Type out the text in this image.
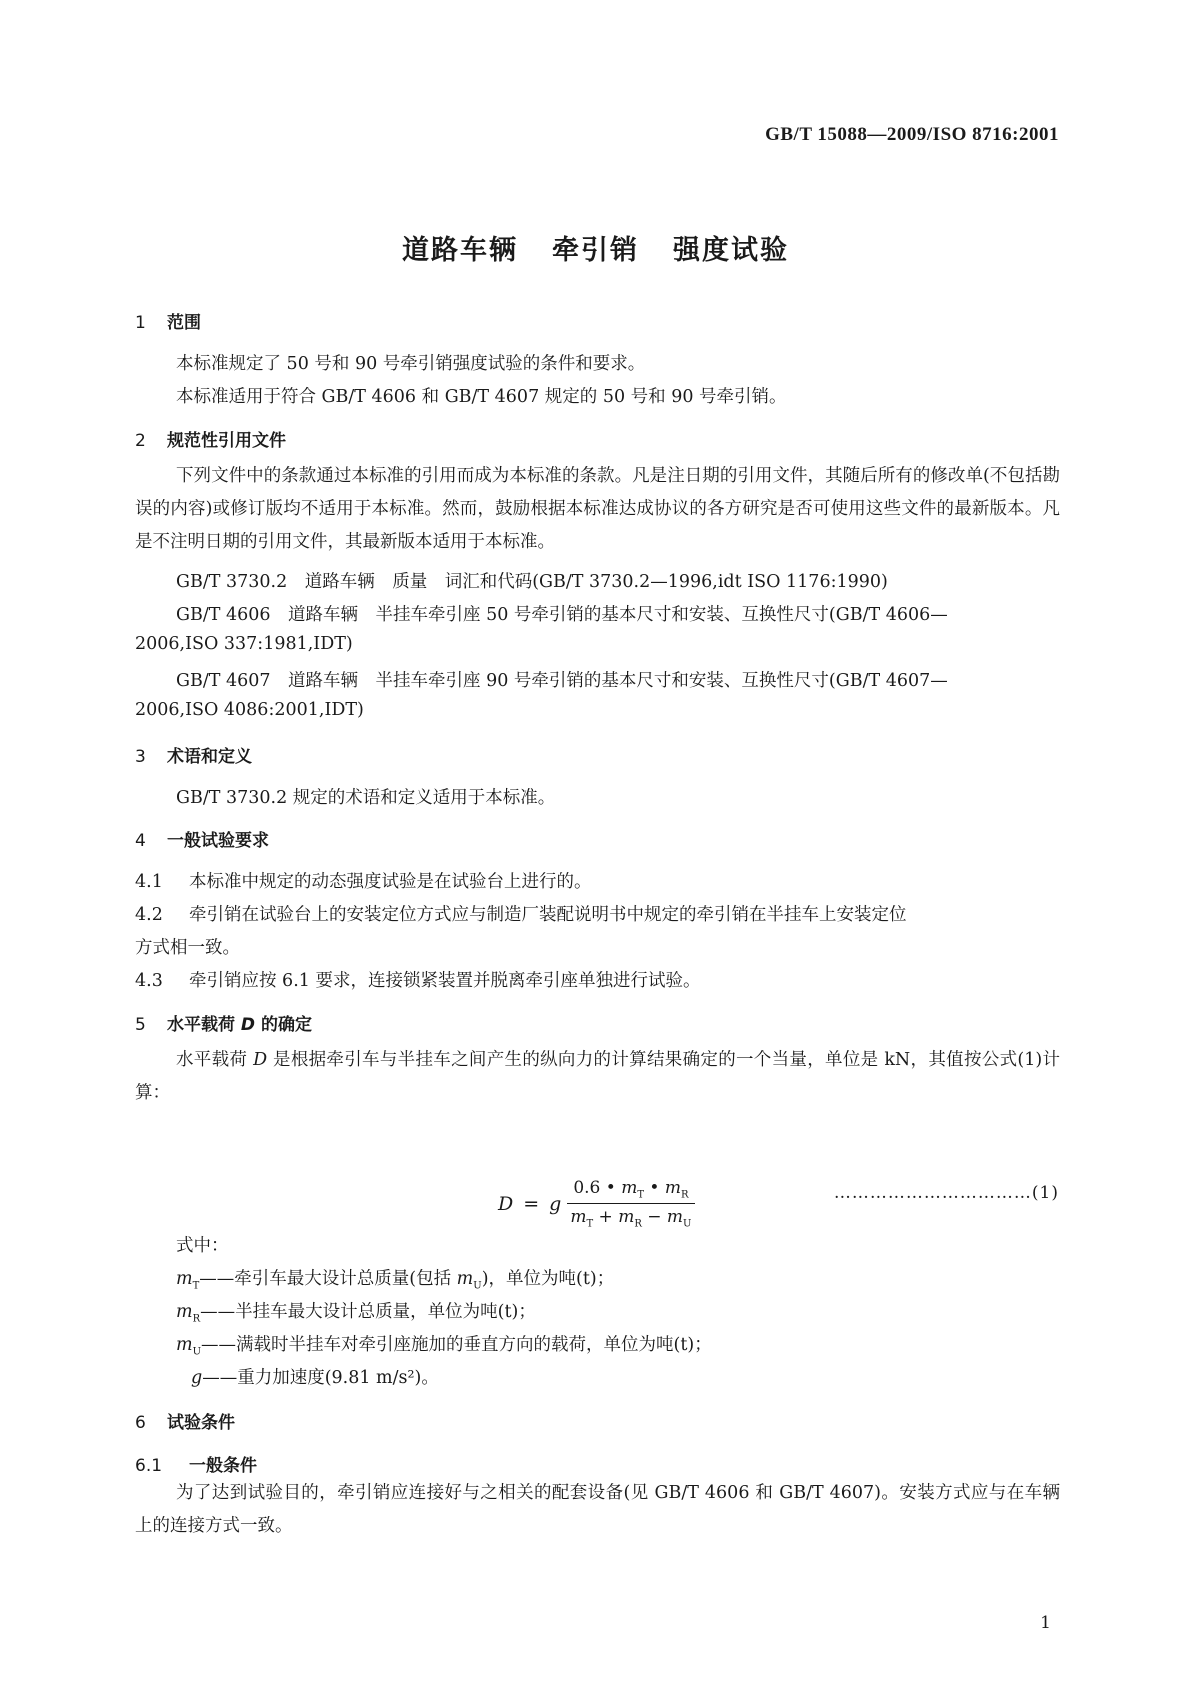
GB/T 15088—2009/ISO 8716:2001
道路车辆 牵引销 强度试验
1 范围
本标准规定了 50 号和 90 号牵引销强度试验的条件和要求。
本标准适用于符合 GB/T 4606 和 GB/T 4607 规定的 50 号和 90 号牵引销。
2 规范性引用文件
下列文件中的条款通过本标准的引用而成为本标准的条款。凡是注日期的引用文件，其随后所有的修改单(不包括勘误的内容)或修订版均不适用于本标准。然而，鼓励根据本标准达成协议的各方研究是否可使用这些文件的最新版本。凡是不注明日期的引用文件，其最新版本适用于本标准。
GB/T 3730.2　道路车辆　质量　词汇和代码(GB/T 3730.2—1996,idt ISO 1176:1990)
GB/T 4606　道路车辆　半挂车牵引座 50 号牵引销的基本尺寸和安装、互换性尺寸(GB/T 4606—
2006,ISO 337:1981,IDT)
GB/T 4607　道路车辆　半挂车牵引座 90 号牵引销的基本尺寸和安装、互换性尺寸(GB/T 4607—
2006,ISO 4086:2001,IDT)
3 术语和定义
GB/T 3730.2 规定的术语和定义适用于本标准。
4 一般试验要求
4.1 本标准中规定的动态强度试验是在试验台上进行的。
4.2 牵引销在试验台上的安装定位方式应与制造厂装配说明书中规定的牵引销在半挂车上安装定位
方式相一致。
4.3 牵引销应按 6.1 要求，连接锁紧装置并脱离牵引座单独进行试验。
5 水平载荷 D 的确定
水平载荷 D 是根据牵引车与半挂车之间产生的纵向力的计算结果确定的一个当量，单位是 kN，其值按公式(1)计算：
D = g $\frac{0.6 • m_T • m_R}{m_T + m_R - m_U}$	……………………………(1)
式中：
$m_T——$牵引车最大设计总质量(包括 $m_U$)，单位为吨(t)；
$m_R——$半挂车最大设计总质量，单位为吨(t)；
$m_U——$满载时半挂车对牵引座施加的垂直方向的载荷，单位为吨(t)；
g——重力加速度(9.81 m/s²)。
6 试验条件
6.1 一般条件
为了达到试验目的，牵引销应连接好与之相关的配套设备(见 GB/T 4606 和 GB/T 4607)。安装方式应与在车辆上的连接方式一致。
1
